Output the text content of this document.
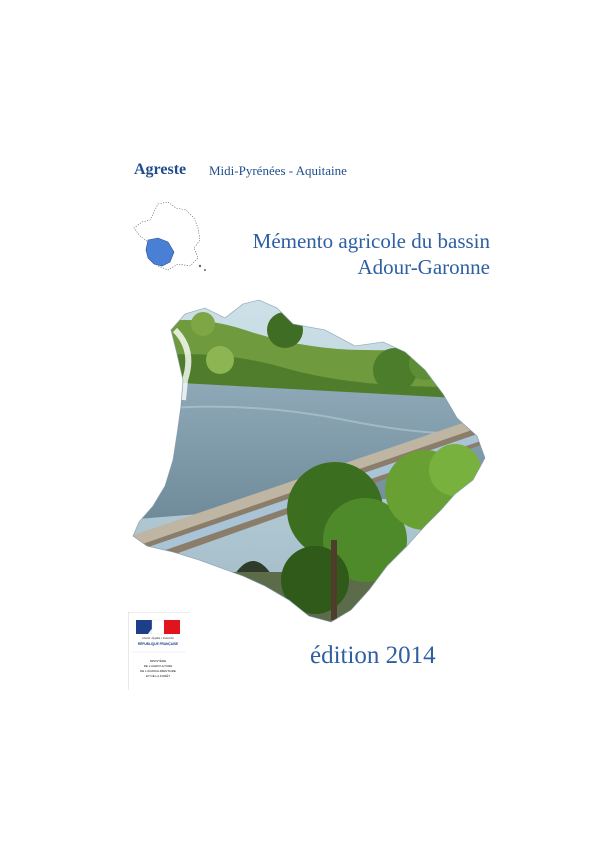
Agreste Midi-Pyrénées - Aquitaine
Mémento agricole du bassin
Adour-Garonne
Liberté • Égalité • Fraternité
RÉPUBLIQUE FRANÇAISE
MINISTÈRE
DE L'AGRICULTURE
DE L'AGROALIMENTAIRE
ET DE LA FORÊT
édition 2014
